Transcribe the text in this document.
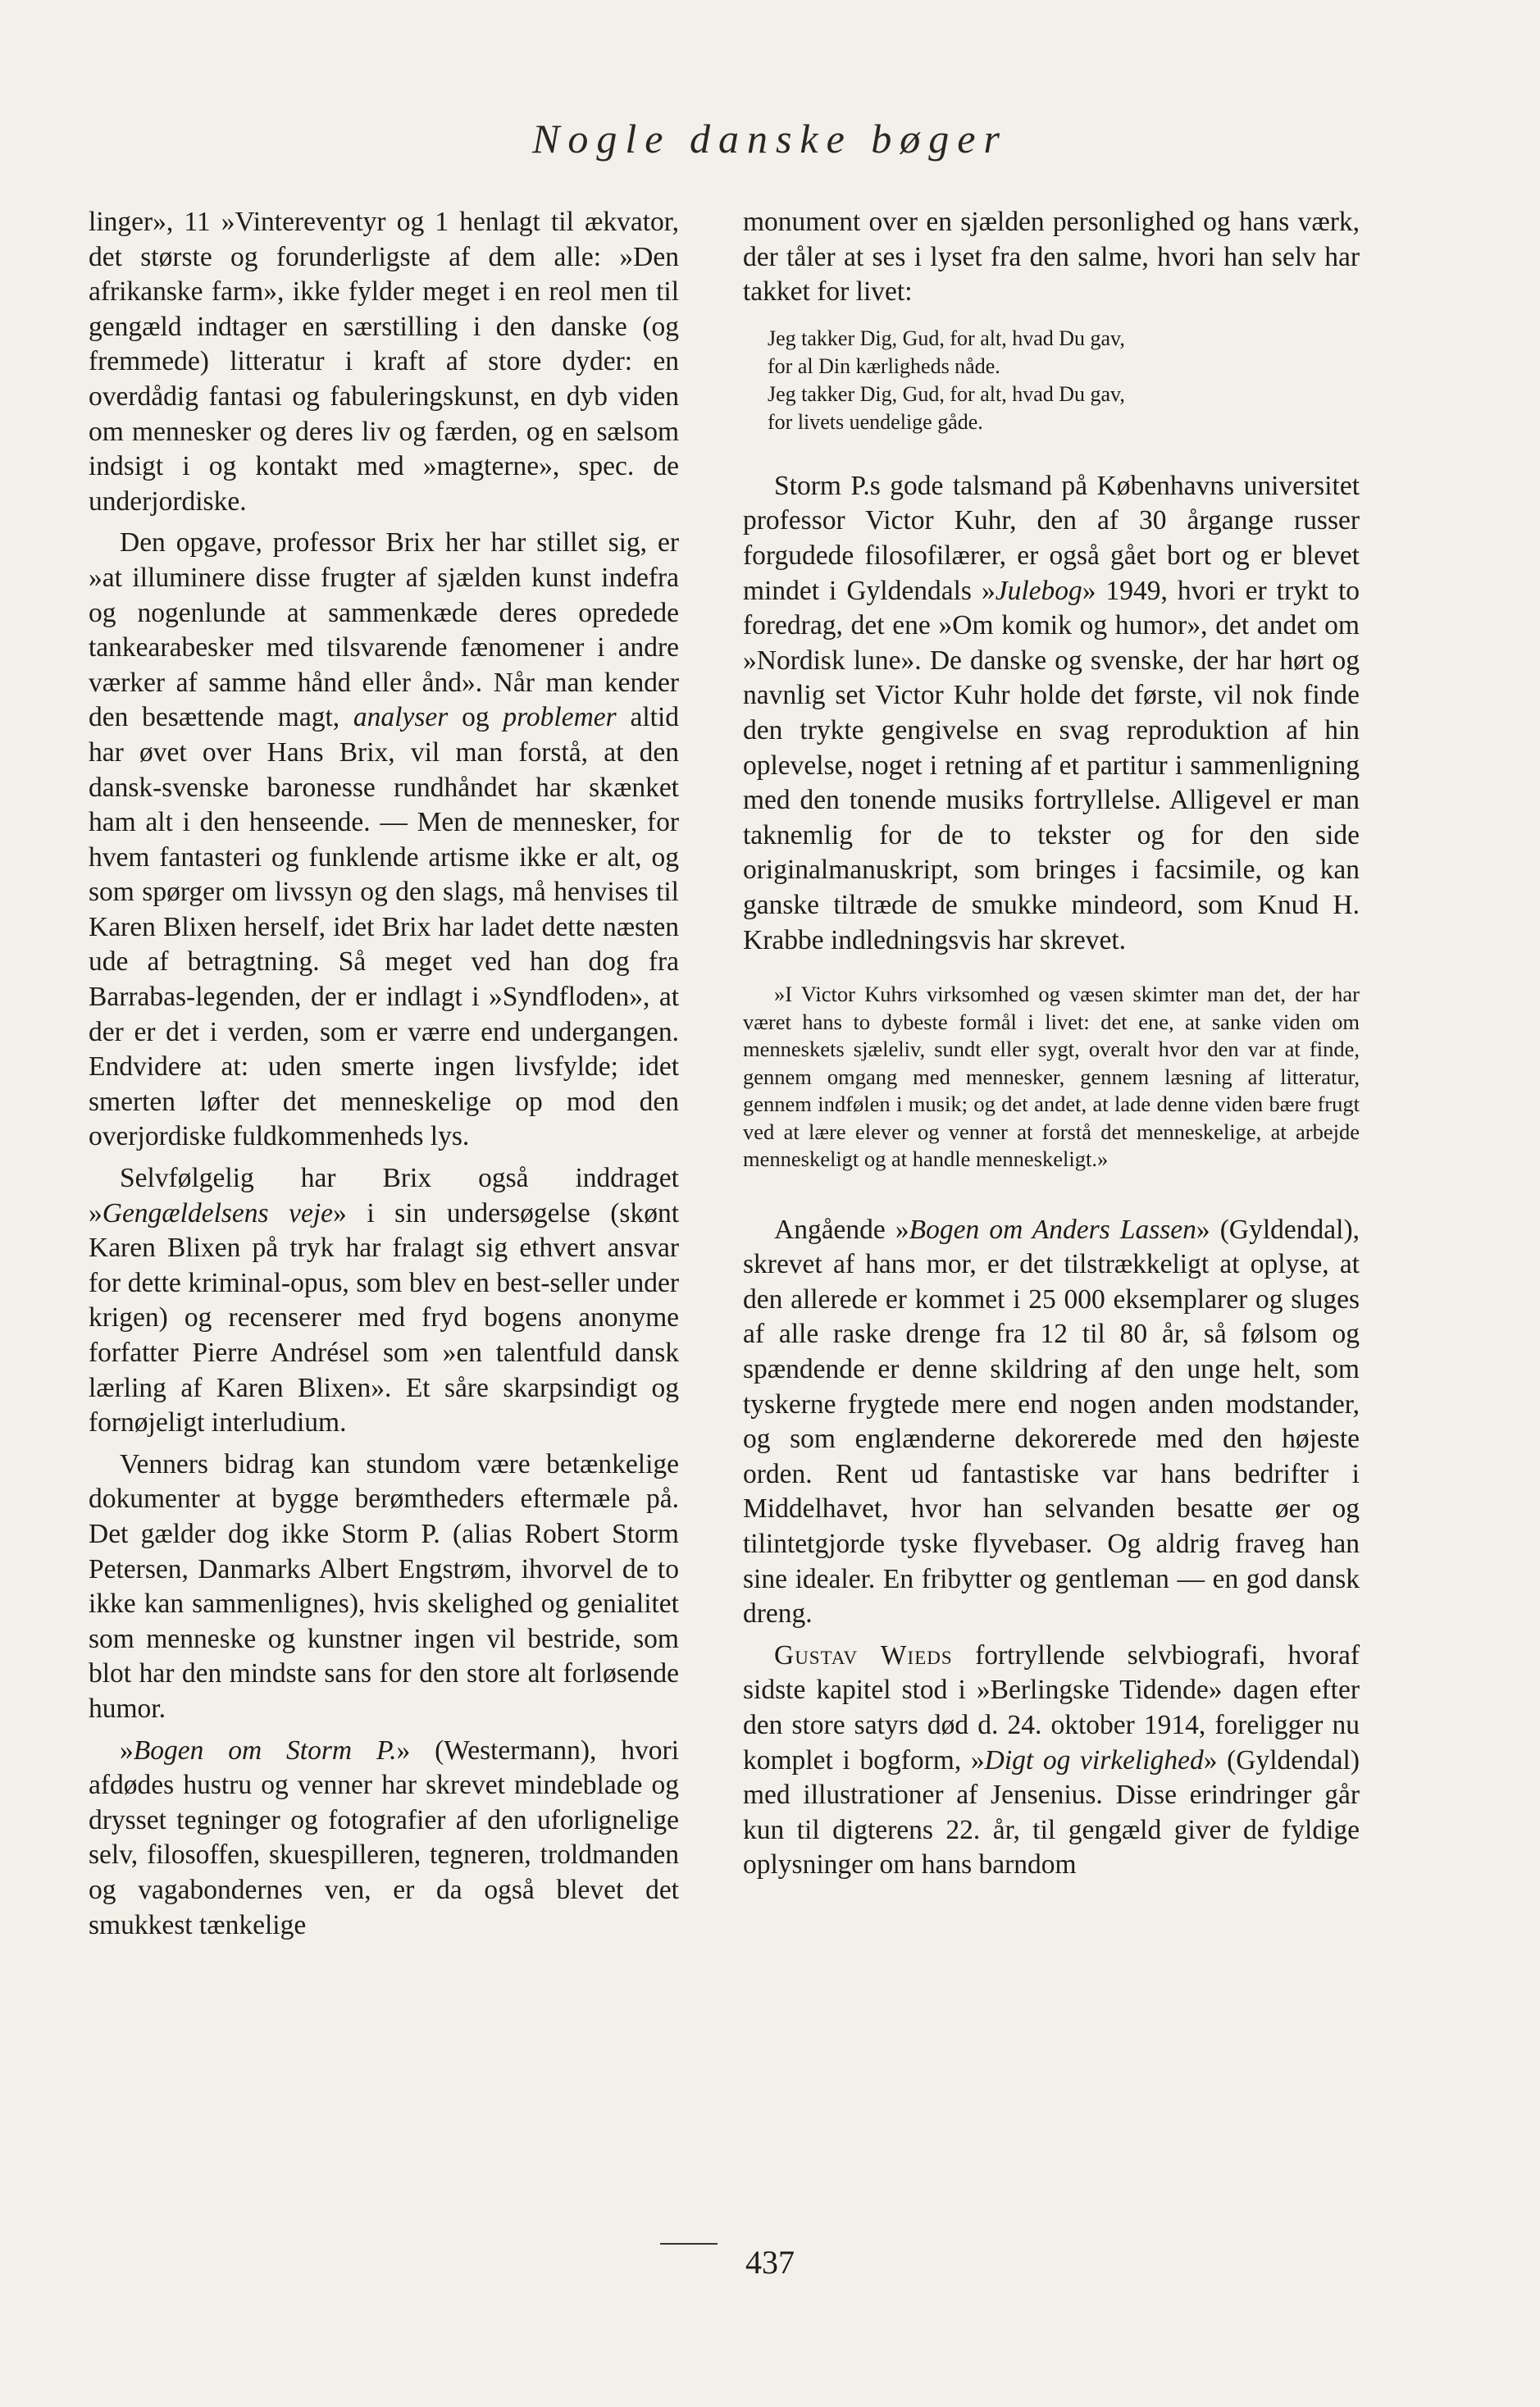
Nogle danske bøger

linger», 11 »Vintereventyr og 1 henlagt til ækvator, det største og forunderligste af dem alle: »Den afrikanske farm», ikke fylder meget i en reol men til gengæld indtager en særstilling i den danske (og fremmede) litteratur i kraft af store dyder: en overdådig fantasi og fabuleringskunst, en dyb viden om mennesker og deres liv og færden, og en sælsom indsigt i og kontakt med »magterne», spec. de underjordiske.

Den opgave, professor Brix her har stillet sig, er »at illuminere disse frugter af sjælden kunst indefra og nogenlunde at sammenkæde deres opredede tankearabesker med tilsvarende fænomener i andre værker af samme hånd eller ånd». Når man kender den besættende magt, analyser og problemer altid har øvet over Hans Brix, vil man forstå, at den dansk-svenske baronesse rundhåndet har skænket ham alt i den henseende. — Men de mennesker, for hvem fantasteri og funklende artisme ikke er alt, og som spørger om livssyn og den slags, må henvises til Karen Blixen herself, idet Brix har ladet dette næsten ude af betragtning. Så meget ved han dog fra Barrabas-legenden, der er indlagt i »Syndfloden», at der er det i verden, som er værre end undergangen. Endvidere at: uden smerte ingen livsfylde; idet smerten løfter det menneskelige op mod den overjordiske fuldkommenheds lys.

Selvfølgelig har Brix også inddraget »Gengældelsens veje» i sin undersøgelse (skønt Karen Blixen på tryk har fralagt sig ethvert ansvar for dette kriminal-opus, som blev en best-seller under krigen) og recenserer med fryd bogens anonyme forfatter Pierre Andrésel som »en talentfuld dansk lærling af Karen Blixen». Et såre skarpsindigt og fornøjeligt interludium.

Venners bidrag kan stundom være betænkelige dokumenter at bygge berømtheders eftermæle på. Det gælder dog ikke Storm P. (alias Robert Storm Petersen, Danmarks Albert Engstrøm, ihvorvel de to ikke kan sammenlignes), hvis skelighed og genialitet som menneske og kunstner ingen vil bestride, som blot har den mindste sans for den store alt forløsende humor.

»Bogen om Storm P.» (Westermann), hvori afdødes hustru og venner har skrevet mindeblade og drysset tegninger og fotografier af den uforlignelige selv, filosoffen, skuespilleren, tegneren, troldmanden og vagabondernes ven, er da også blevet det smukkest tænkelige

monument over en sjælden personlighed og hans værk, der tåler at ses i lyset fra den salme, hvori han selv har takket for livet:

Jeg takker Dig, Gud, for alt, hvad Du gav,
for al Din kærligheds nåde.
Jeg takker Dig, Gud, for alt, hvad Du gav,
for livets uendelige gåde.

Storm P.s gode talsmand på Københavns universitet professor Victor Kuhr, den af 30 årgange russer forgudede filosofilærer, er også gået bort og er blevet mindet i Gyldendals »Julebog» 1949, hvori er trykt to foredrag, det ene »Om komik og humor», det andet om »Nordisk lune». De danske og svenske, der har hørt og navnlig set Victor Kuhr holde det første, vil nok finde den trykte gengivelse en svag reproduktion af hin oplevelse, noget i retning af et partitur i sammenligning med den tonende musiks fortryllelse. Alligevel er man taknemlig for de to tekster og for den side originalmanuskript, som bringes i facsimile, og kan ganske tiltræde de smukke mindeord, som Knud H. Krabbe indledningsvis har skrevet.

»I Victor Kuhrs virksomhed og væsen skimter man det, der har været hans to dybeste formål i livet: det ene, at sanke viden om menneskets sjæleliv, sundt eller sygt, overalt hvor den var at finde, gennem omgang med mennesker, gennem læsning af litteratur, gennem indfølen i musik; og det andet, at lade denne viden bære frugt ved at lære elever og venner at forstå det menneskelige, at arbejde menneskeligt og at handle menneskeligt.»

Angående »Bogen om Anders Lassen» (Gyldendal), skrevet af hans mor, er det tilstrækkeligt at oplyse, at den allerede er kommet i 25 000 eksemplarer og sluges af alle raske drenge fra 12 til 80 år, så følsom og spændende er denne skildring af den unge helt, som tyskerne frygtede mere end nogen anden modstander, og som englænderne dekorerede med den højeste orden. Rent ud fantastiske var hans bedrifter i Middelhavet, hvor han selvanden besatte øer og tilintetgjorde tyske flyvebaser. Og aldrig fraveg han sine idealer. En fribytter og gentleman — en god dansk dreng.

Gustav Wieds fortryllende selvbiografi, hvoraf sidste kapitel stod i »Berlingske Tidende» dagen efter den store satyrs død d. 24. oktober 1914, foreligger nu komplet i bogform, »Digt og virkelighed» (Gyldendal) med illustrationer af Jensenius. Disse erindringer går kun til digterens 22. år, til gengæld giver de fyldige oplysninger om hans barndom

437
